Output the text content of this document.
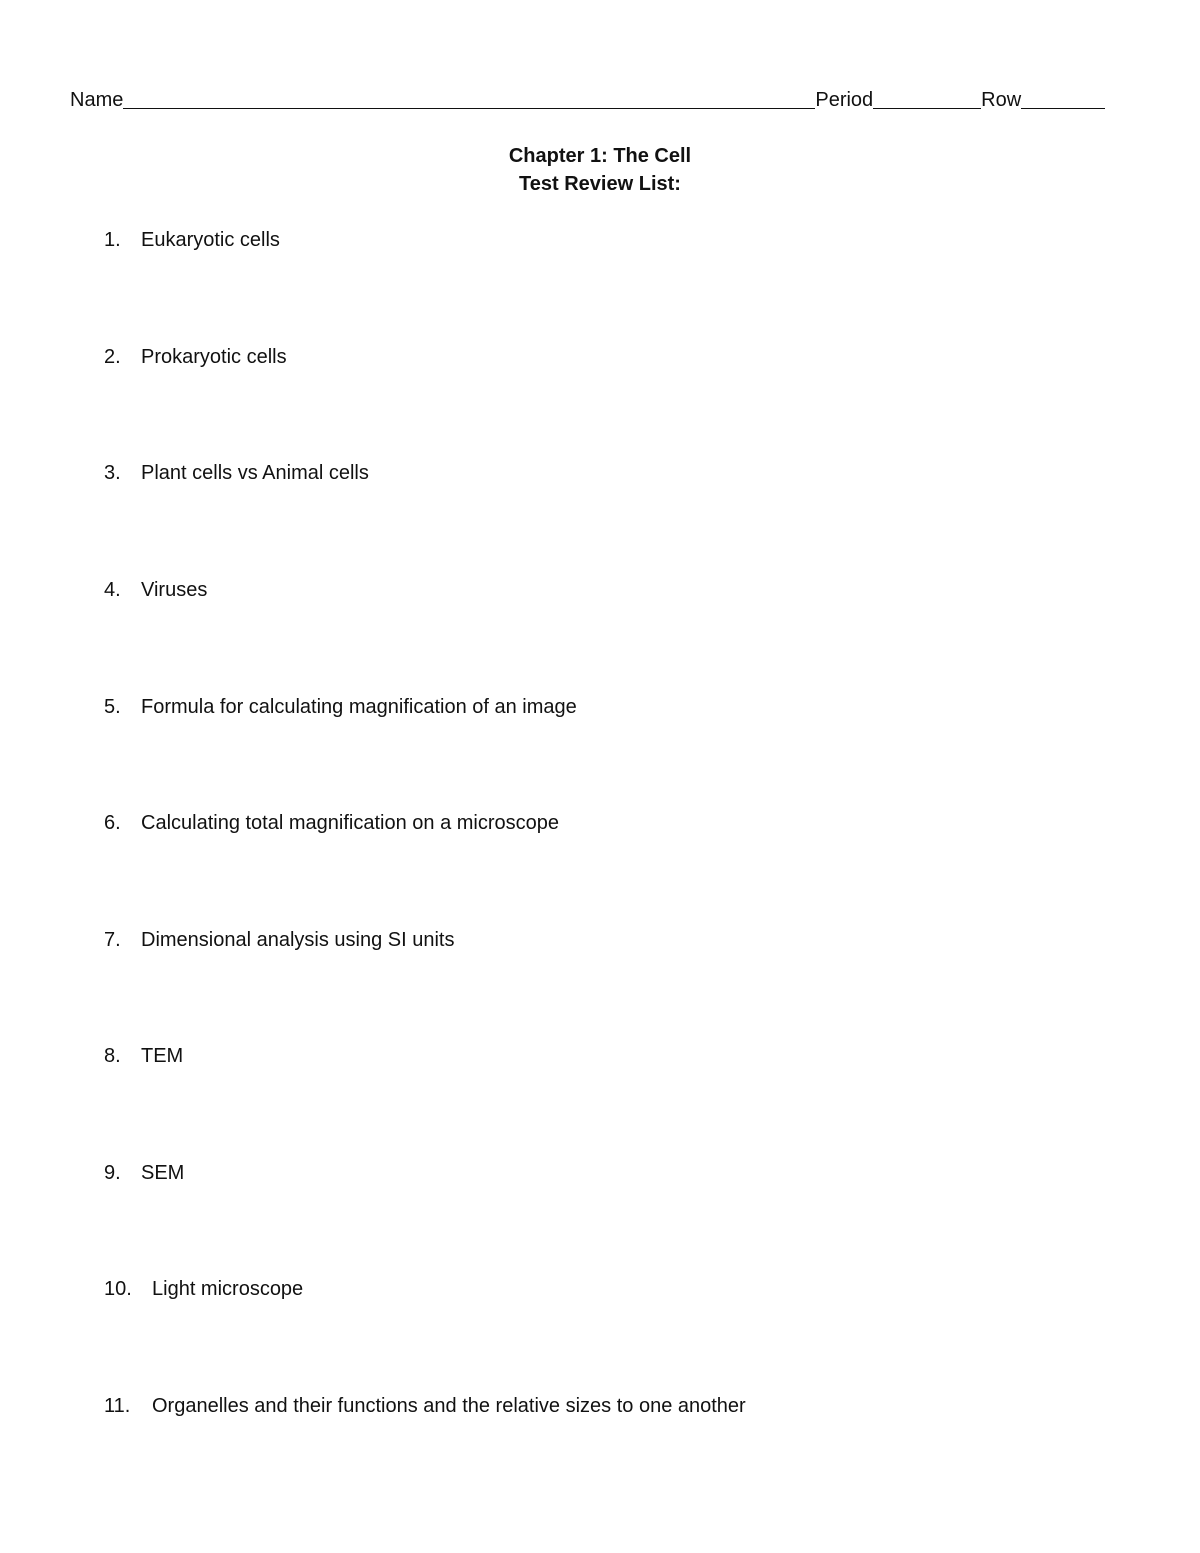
Name	Period	Row
Chapter 1: The Cell
Test Review List:
1.	Eukaryotic cells
2.	Prokaryotic cells
3.	Plant cells vs Animal cells
4.	Viruses
5.	Formula for calculating magnification of an image
6.	Calculating total magnification on a microscope
7.	Dimensional analysis using SI units
8.	TEM
9.	SEM
10.	Light microscope
11.	Organelles and their functions and the relative sizes to one another
